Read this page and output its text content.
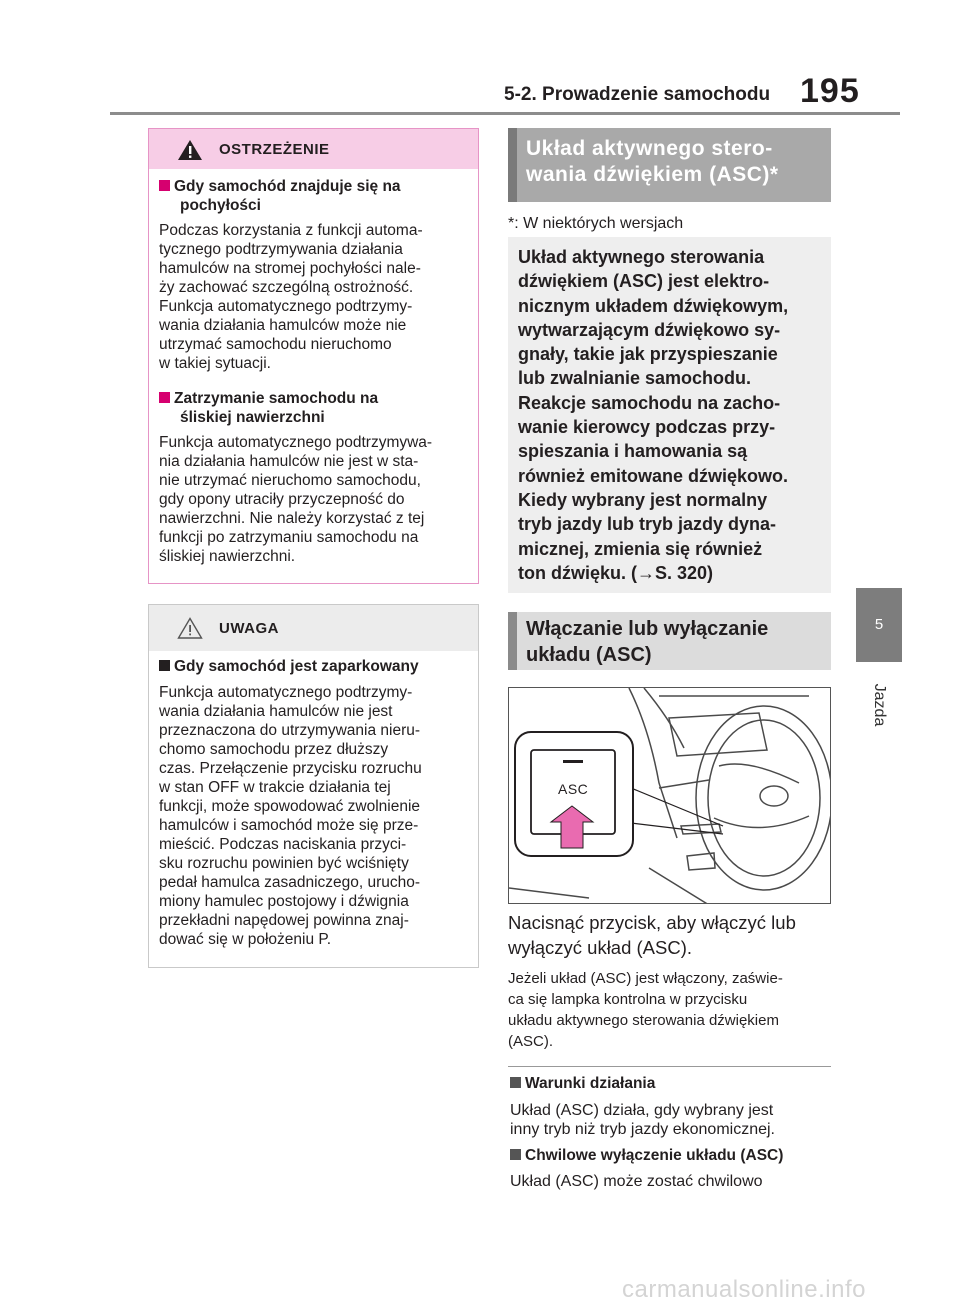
5-2. Prowadzenie samochodu 195
5
Jazda
OSTRZEŻENIE
Gdy samochód znajduje się na
pochyłości
Podczas korzystania z funkcji automa-
tycznego podtrzymywania działania
hamulców na stromej pochyłości nale-
ży zachować szczególną ostrożność.
Funkcja automatycznego podtrzymy-
wania działania hamulców może nie
utrzymać samochodu nieruchomo
w takiej sytuacji.
Zatrzymanie samochodu na
śliskiej nawierzchni
Funkcja automatycznego podtrzymywa-
nia działania hamulców nie jest w sta-
nie utrzymać nieruchomo samochodu,
gdy opony utraciły przyczepność do
nawierzchni. Nie należy korzystać z tej
funkcji po zatrzymaniu samochodu na
śliskiej nawierzchni.
UWAGA
Gdy samochód jest zaparkowany
Funkcja automatycznego podtrzymy-
wania działania hamulców nie jest
przeznaczona do utrzymywania nieru-
chomo samochodu przez dłuższy
czas. Przełączenie przycisku rozruchu
w stan OFF w trakcie działania tej
funkcji, może spowodować zwolnienie
hamulców i samochód może się prze-
mieścić. Podczas naciskania przyci-
sku rozruchu powinien być wciśnięty
pedał hamulca zasadniczego, urucho-
miony hamulec postojowy i dźwignia
przekładni napędowej powinna znaj-
dować się w położeniu P.
Układ aktywnego stero-
wania dźwiękiem (ASC)*
*: W niektórych wersjach
Układ aktywnego sterowania
dźwiękiem (ASC) jest elektro-
nicznym układem dźwiękowym,
wytwarzającym dźwiękowo sy-
gnały, takie jak przyspieszanie
lub zwalnianie samochodu.
Reakcje samochodu na zacho-
wanie kierowcy podczas przy-
spieszania i hamowania są
również emitowane dźwiękowo.
Kiedy wybrany jest normalny
tryb jazdy lub tryb jazdy dyna-
micznej, zmienia się również
ton dźwięku. (→S. 320)
Włączanie lub wyłączanie
układu (ASC)
ASC
Nacisnąć przycisk, aby włączyć lub
wyłączyć układ (ASC).
Jeżeli układ (ASC) jest włączony, zaświe-
ca się lampka kontrolna w przycisku
układu aktywnego sterowania dźwiękiem
(ASC).
Warunki działania
Układ (ASC) działa, gdy wybrany jest
inny tryb niż tryb jazdy ekonomicznej.
Chwilowe wyłączenie układu (ASC)
Układ (ASC) może zostać chwilowo
carmanualsonline.info
